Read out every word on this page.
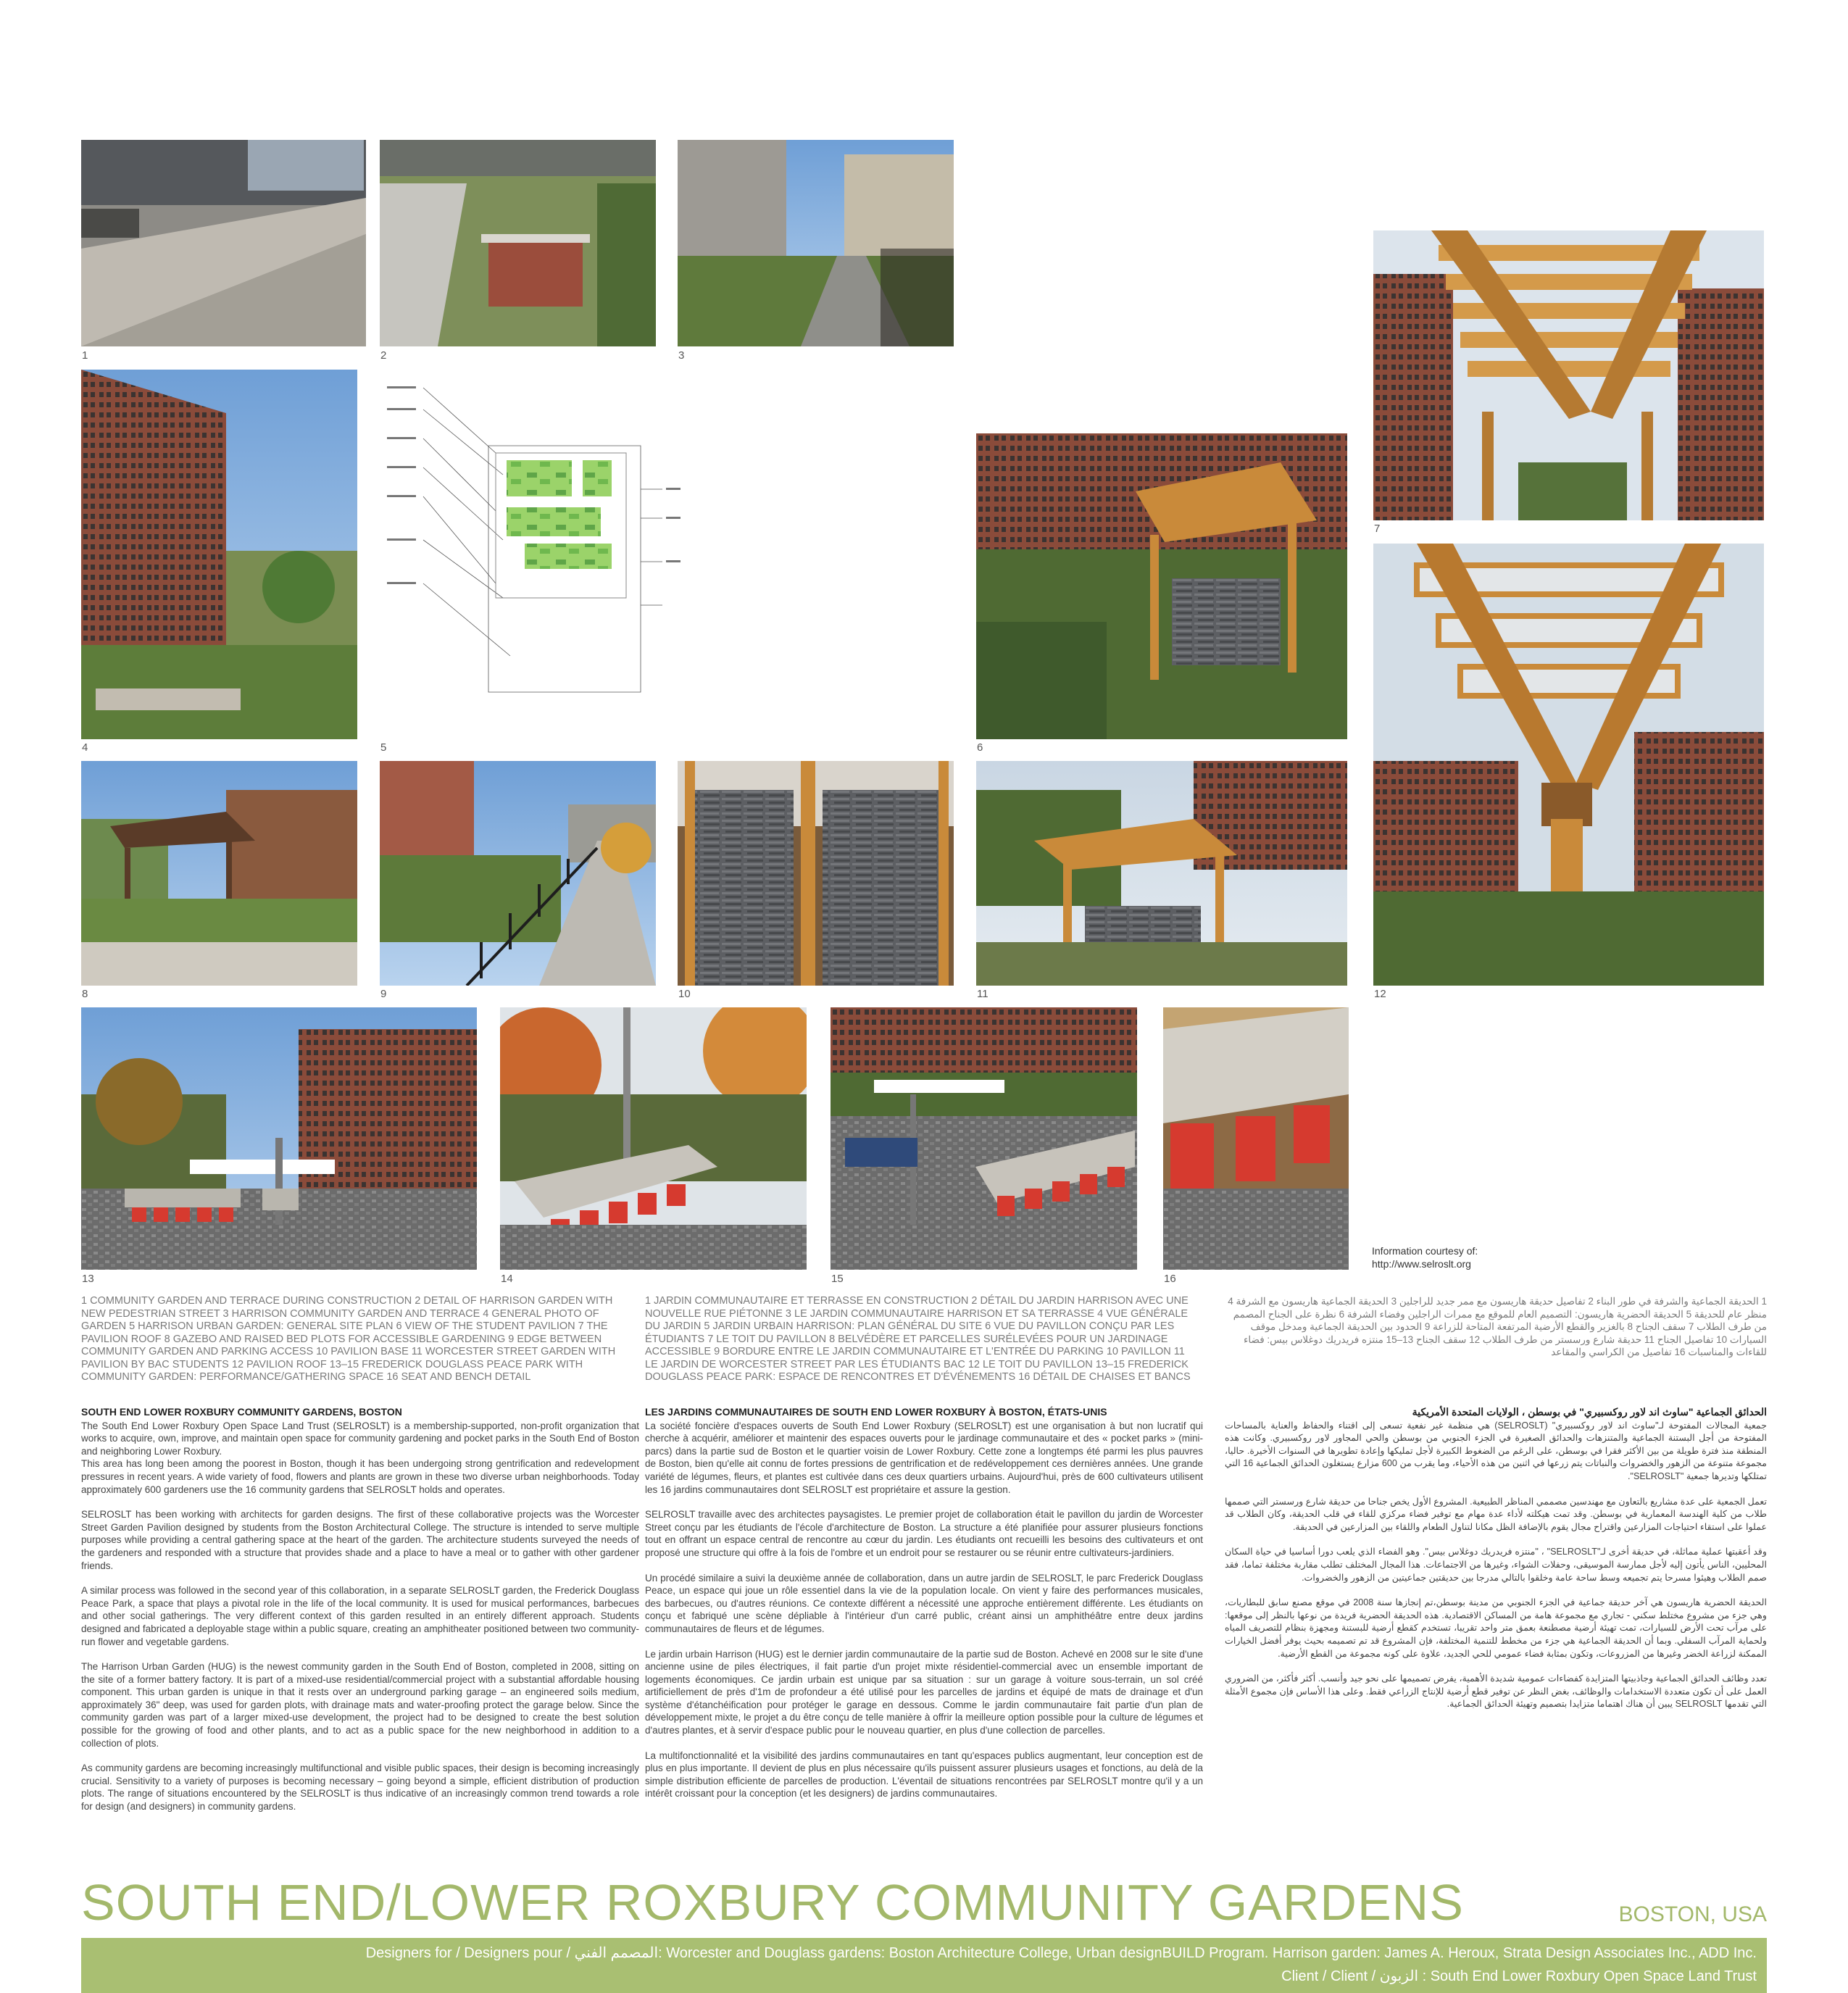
1	2	3
4	5	6
7
8	9	10	11	12
13	14	15	16
Information courtesy of:
http://www.selroslt.org
1 COMMUNITY GARDEN AND TERRACE DURING CONSTRUCTION 2 DETAIL OF HARRISON GARDEN WITH NEW PEDESTRIAN STREET 3 HARRISON COMMUNITY GARDEN AND TERRACE 4 GENERAL PHOTO OF GARDEN 5 HARRISON URBAN GARDEN: GENERAL SITE PLAN 6 VIEW OF THE STUDENT PAVILION 7 THE PAVILION ROOF 8 GAZEBO AND RAISED BED PLOTS FOR ACCESSIBLE GARDENING 9 EDGE BETWEEN COMMUNITY GARDEN AND PARKING ACCESS 10 PAVILION BASE 11 WORCESTER STREET GARDEN WITH PAVILION BY BAC STUDENTS 12 PAVILION ROOF 13–15 FREDERICK DOUGLASS PEACE PARK WITH COMMUNITY GARDEN: PERFORMANCE/GATHERING SPACE 16 SEAT AND BENCH DETAIL
1 JARDIN COMMUNAUTAIRE ET TERRASSE EN CONSTRUCTION 2 DÉTAIL DU JARDIN HARRISON AVEC UNE NOUVELLE RUE PIÉTONNE 3 LE JARDIN COMMUNAUTAIRE HARRISON ET SA TERRASSE 4 VUE GÉNÉRALE DU JARDIN 5 JARDIN URBAIN HARRISON: PLAN GÉNÉRAL DU SITE 6 VUE DU PAVILLON CONÇU PAR LES ÉTUDIANTS 7 LE TOIT DU PAVILLON 8 BELVÉDÈRE ET PARCELLES SURÉLEVÉES POUR UN JARDINAGE ACCESSIBLE 9 BORDURE ENTRE LE JARDIN COMMUNAUTAIRE ET L'ENTRÉE DU PARKING 10 PAVILLON 11 LE JARDIN DE WORCESTER STREET PAR LES ÉTUDIANTS BAC 12 LE TOIT DU PAVILLON 13–15 FREDERICK DOUGLASS PEACE PARK: ESPACE DE RENCONTRES ET D'ÉVÉNEMENTS 16 DÉTAIL DE CHAISES ET BANCS
1 الحديقة الجماعية والشرفة في طور البناء 2 تفاصيل حديقة هاريسون مع ممر جديد للراجلين 3 الحديقة الجماعية هاريسون مع الشرفة 4 منظر عام للحديقة 5 الحديقة الحضرية هاريسون: التصميم العام للموقع مع ممرات الراجلين وفضاء الشرفة 6 نظرة على الجناح المصمم من طرف الطلاب 7 سقف الجناح 8 بالغزير والقطع الأرضية المرتفعة المتاحة للزراعة 9 الحدود بين الحديقة الجماعية ومدخل موقف السيارات 10 تفاصيل الجناح 11 حديقة شارع ورسستر من طرف الطلاب 12 سقف الجناح 13–15 منتزه فريدريك دوغلاس بيس: فضاء للقاءات والمناسبات 16 تفاصيل من الكراسي والمقاعد
SOUTH END LOWER ROXBURY COMMUNITY GARDENS, BOSTON

The South End Lower Roxbury Open Space Land Trust (SELROSLT) is a membership-supported, non-profit organization that works to acquire, own, improve, and maintain open space for community gardening and pocket parks in the South End of Boston and neighboring Lower Roxbury.

This area has long been among the poorest in Boston, though it has been undergoing strong gentrification and redevelopment pressures in recent years. A wide variety of food, flowers and plants are grown in these two diverse urban neighborhoods. Today approximately 600 gardeners use the 16 community gardens that SELROSLT holds and operates.

SELROSLT has been working with architects for garden designs. The first of these collaborative projects was the Worcester Street Garden Pavilion designed by students from the Boston Architectural College. The structure is intended to serve multiple purposes while providing a central gathering space at the heart of the garden. The architecture students surveyed the needs of the gardeners and responded with a structure that provides shade and a place to have a meal or to gather with other gardener friends.

A similar process was followed in the second year of this collaboration, in a separate SELROSLT garden, the Frederick Douglass Peace Park, a space that plays a pivotal role in the life of the local community. It is used for musical performances, barbecues and other social gatherings. The very different context of this garden resulted in an entirely different approach. Students designed and fabricated a deployable stage within a public square, creating an amphitheater positioned between two community-run flower and vegetable gardens.

The Harrison Urban Garden (HUG) is the newest community garden in the South End of Boston, completed in 2008, sitting on the site of a former battery factory. It is part of a mixed-use residential/commercial project with a substantial affordable housing component. This urban garden is unique in that it rests over an underground parking garage – an engineered soils medium, approximately 36" deep, was used for garden plots, with drainage mats and water-proofing protect the garage below. Since the community garden was part of a larger mixed-use development, the project had to be designed to create the best solution possible for the growing of food and other plants, and to act as a public space for the new neighborhood in addition to a collection of plots.

As community gardens are becoming increasingly multifunctional and visible public spaces, their design is becoming increasingly crucial. Sensitivity to a variety of purposes is becoming necessary – going beyond a simple, efficient distribution of production plots. The range of situations encountered by the SELROSLT is thus indicative of an increasingly common trend towards a role for design (and designers) in community gardens.

LES JARDINS COMMUNAUTAIRES DE SOUTH END LOWER ROXBURY À BOSTON, ÉTATS-UNIS

La société foncière d'espaces ouverts de South End Lower Roxbury (SELROSLT) est une organisation à but non lucratif qui cherche à acquérir, améliorer et maintenir des espaces ouverts pour le jardinage communautaire et des « pocket parks » (mini-parcs) dans la partie sud de Boston et le quartier voisin de Lower Roxbury. Cette zone a longtemps été parmi les plus pauvres de Boston, bien qu'elle ait connu de fortes pressions de gentrification et de redéveloppement ces dernières années. Une grande variété de légumes, fleurs, et plantes est cultivée dans ces deux quartiers urbains. Aujourd'hui, près de 600 cultivateurs utilisent les 16 jardins communautaires dont SELROSLT est propriétaire et assure la gestion.

SELROSLT travaille avec des architectes paysagistes. Le premier projet de collaboration était le pavillon du jardin de Worcester Street conçu par les étudiants de l'école d'architecture de Boston. La structure a été planifiée pour assurer plusieurs fonctions tout en offrant un espace central de rencontre au cœur du jardin. Les étudiants ont recueilli les besoins des cultivateurs et ont proposé une structure qui offre à la fois de l'ombre et un endroit pour se restaurer ou se réunir entre cultivateurs-jardiniers.

Un procédé similaire a suivi la deuxième année de collaboration, dans un autre jardin de SELROSLT, le parc Frederick Douglass Peace, un espace qui joue un rôle essentiel dans la vie de la population locale. On vient y faire des performances musicales, des barbecues, ou d'autres réunions. Ce contexte différent a nécessité une approche entièrement différente. Les étudiants on conçu et fabriqué une scène dépliable à l'intérieur d'un carré public, créant ainsi un amphithéâtre entre deux jardins communautaires de fleurs et de légumes.

Le jardin urbain Harrison (HUG) est le dernier jardin communautaire de la partie sud de Boston. Achevé en 2008 sur le site d'une ancienne usine de piles électriques, il fait partie d'un projet mixte résidentiel-commercial avec un ensemble important de logements économiques. Ce jardin urbain est unique par sa situation : sur un garage à voiture sous-terrain, un sol créé artificiellement de près d'1m de profondeur a été utilisé pour les parcelles de jardins et équipé de mats de drainage et d'un système d'étanchéification pour protéger le garage en dessous. Comme le jardin communautaire fait partie d'un plan de développement mixte, le projet a du être conçu de telle manière à offrir la meilleure option possible pour la culture de légumes et d'autres plantes, et à servir d'espace public pour le nouveau quartier, en plus d'une collection de parcelles.

La multifonctionnalité et la visibilité des jardins communautaires en tant qu'espaces publics augmentant, leur conception est de plus en plus importante. Il devient de plus en plus nécessaire qu'ils puissent assurer plusieurs usages et fonctions, au delà de la simple distribution efficiente de parcelles de production. L'éventail de situations rencontrées par SELROSLT montre qu'il y a un intérêt croissant pour la conception (et les designers) de jardins communautaires.

الحدائق الجماعية "ساوث اند لاور روكسبيري" في بوسطن ، الولايات المتحدة الأمريكية

جمعية المجالات المفتوحة لـ"ساوث اند لاور روكسبيري" (SELROSLT) هي منظمة غير نفعية تسعى إلى اقتناء والحفاظ والعناية بالمساحات المفتوحة من أجل البستنة الجماعية والمتنزهات والحدائق الصغيرة في الجزء الجنوبي من بوسطن والحي المجاور لاور روكسبيري. وكانت هذه المنطقة منذ فترة طويلة من بين الأكثر فقرا في بوسطن، على الرغم من الضغوط الكبيرة لأجل تمليكها وإعادة تطويرها في السنوات الأخيرة. حاليا، مجموعة متنوعة من الزهور والخضروات والنباتات يتم زرعها في اثنين من هذه الأحياء، وما يقرب من 600 مزارع يستغلون الحدائق الجماعية 16 التي تمتلكها وتديرها جمعية "SELROSLT".

تعمل الجمعية على عدة مشاريع بالتعاون مع مهندسين مصممي المناظر الطبيعية. المشروع الأول يخص جناحا من حديقة شارع ورسستر التي صممها طلاب من كلية الهندسة المعمارية في بوسطن. وقد تمت هيكلته لأداء عدة مهام مع توفير فضاء مركزي للقاء في قلب الحديقة، وكان الطلاب قد عملوا على استقاء احتياجات المزارعين واقتراح مجال يقوم بالإضافة الظل مكانا لتناول الطعام واللقاء بين المزارعين في الحديقة.

وقد أعقبتها عملية مماثلة، في حديقة أخرى لـ"SELROSLT" ، "منتزه فريدريك دوغلاس بيس". وهو الفضاء الذي يلعب دورا أساسيا في حياة السكان المحليين، الناس يأتون إليه لأجل ممارسة الموسيقى، وحفلات الشواء، وغيرها من الاجتماعات. هذا المجال المختلف تطلب مقاربة مختلفة تماما، فقد صمم الطلاب وهيئوا مسرحا يتم تجميعه وسط ساحة عامة وخلقوا بالتالي مدرجا بين حديقتين جماعيتين من الزهور والخضروات.

الحديقة الحضرية هاريسون هي آخر حديقة جماعية في الجزء الجنوبي من مدينة بوسطن،تم إنجازها سنة 2008 في موقع مصنع سابق للبطاريات، وهي جزء من مشروع مختلط سكني - تجاري مع مجموعة هامة من المساكن الاقتصادية. هذه الحديقة الحضرية فريدة من نوعها بالنظر إلى موقعها: على مرآب تحت الأرض للسيارات، تمت تهيئة أرضية مصطنعة بعمق متر واحد تقريبا، تستخدم كقطع أرضية للبستنة ومجهزة بنظام للتصريف المياه ولحماية المرآب السفلي. وبما أن الحديقة الجماعية هي جزء من مخطط للتنمية المختلفة، فإن المشروع قد تم تصميمه بحيث يوفر أفضل الخيارات الممكنة لزراعة الخضر وغيرها من المزروعات، وتكون بمثابة فضاء عمومي للحي الجديد، علاوة على كونه مجموعة من القطع الأرضية.

تعدد وظائف الحدائق الجماعية وجاذبيتها المتزايدة كفضاءات عمومية شديدة الأهمية، يفرض تصميمها على نحو جيد وأنسب. أكثر فأكثر، من الضروري العمل على أن تكون متعددة الاستخدامات والوظائف، بغض النظر عن توفير قطع أرضية للإنتاج الزراعي فقط. وعلى هذا الأساس فإن مجموع الأمثلة التي تقدمها SELROSLT يبين أن هناك اهتماما متزايدا بتصميم وتهيئة الحدائق الجماعية.

SOUTH END/LOWER ROXBURY COMMUNITY GARDENS	BOSTON, USA
Designers for / Designers pour / المصمم الفني: Worcester and Douglass gardens: Boston Architecture College, Urban designBUILD Program. Harrison garden: James A. Heroux, Strata Design Associates Inc., ADD Inc.
Client / Client / الزبون : South End Lower Roxbury Open Space Land Trust
